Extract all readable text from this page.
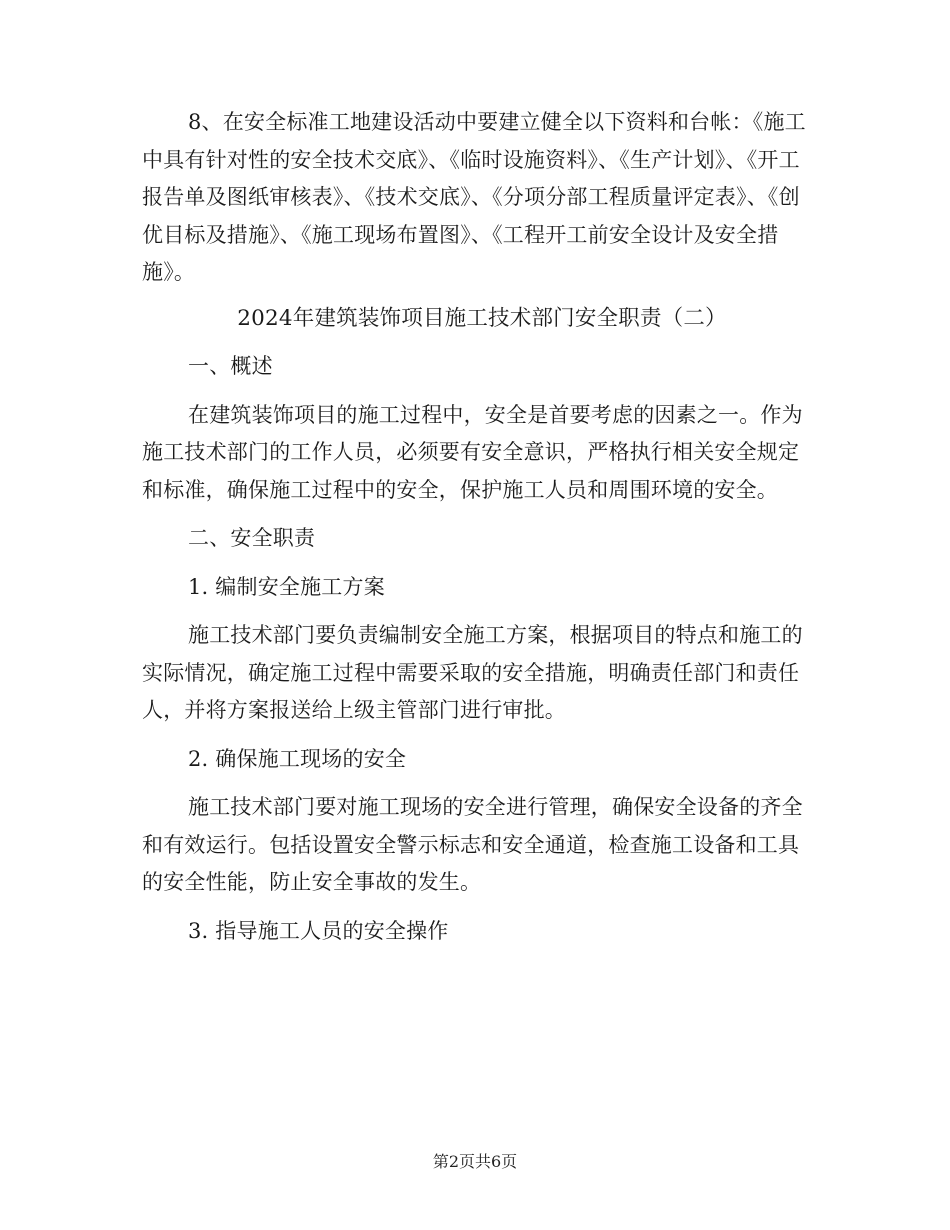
8、在安全标准工地建设活动中要建立健全以下资料和台帐：《施工中具有针对性的安全技术交底》、《临时设施资料》、《生产计划》、《开工报告单及图纸审核表》、《技术交底》、《分项分部工程质量评定表》、《创优目标及措施》、《施工现场布置图》、《工程开工前安全设计及安全措施》。

2024年建筑装饰项目施工技术部门安全职责（二）

一、概述

在建筑装饰项目的施工过程中，安全是首要考虑的因素之一。作为施工技术部门的工作人员，必须要有安全意识，严格执行相关安全规定和标准，确保施工过程中的安全，保护施工人员和周围环境的安全。

二、安全职责

1. 编制安全施工方案

施工技术部门要负责编制安全施工方案，根据项目的特点和施工的实际情况，确定施工过程中需要采取的安全措施，明确责任部门和责任人，并将方案报送给上级主管部门进行审批。

2. 确保施工现场的安全

施工技术部门要对施工现场的安全进行管理，确保安全设备的齐全和有效运行。包括设置安全警示标志和安全通道，检查施工设备和工具的安全性能，防止安全事故的发生。

3. 指导施工人员的安全操作

第2页共6页
